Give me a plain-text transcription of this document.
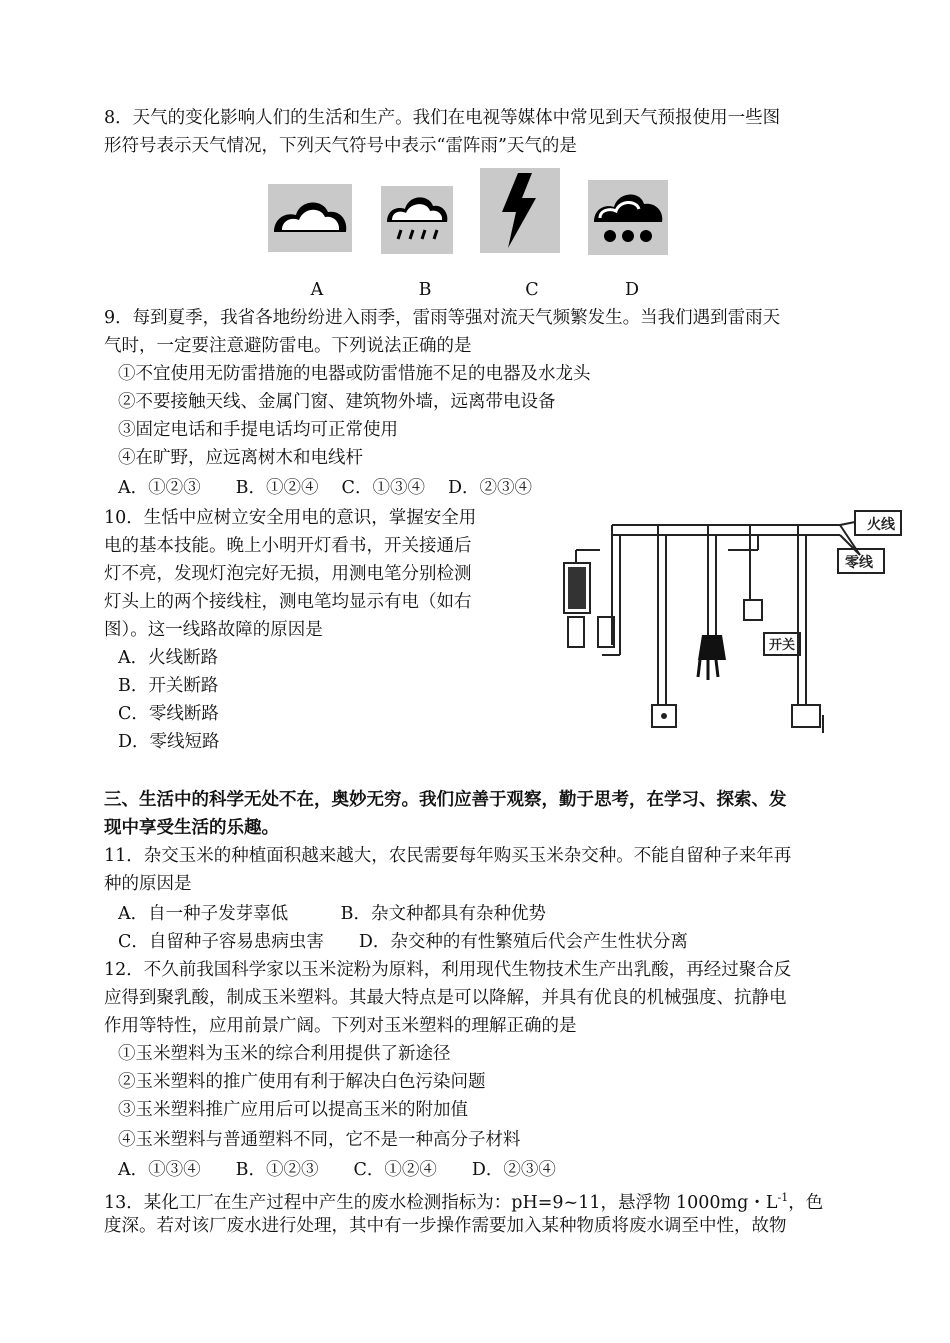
8．天气的变化影响人们的生活和生产。我们在电视等媒体中常见到天气预报使用一些图
形符号表示天气情况，下列天气符号中表示“雷阵雨”天气的是
A	B	C	D
9．每到夏季，我省各地纷纷进入雨季，雷雨等强对流天气频繁发生。当我们遇到雷雨天
气时，一定要注意避防雷电。下列说法正确的是
①不宜使用无防雷措施的电器或防雷惜施不足的电器及水龙头
②不要接触天线、金属门窗、建筑物外墙，远离带电设备
③固定电话和手提电话均可正常使用
④在旷野，应远离树木和电线杆
A．①②③　　B．①②④　 C．①③④　 D．②③④
10．生恬中应树立安全用电的意识，掌握安全用
电的基本技能。晚上小明开灯看书，开关接通后
灯不亮，发现灯泡完好无损，用测电笔分别检测
灯头上的两个接线柱，测电笔均显示有电（如右
图）。这一线路故障的原因是
A．火线断路
B．开关断路
C．零线断路
D．零线短路
火线
零线
开关
三、生活中的科学无处不在，奥妙无穷。我们应善于观察，勤于思考，在学习、探索、发
现中享受生活的乐趣。
11．杂交玉米的种植面积越来越大，农民需要每年购买玉米杂交种。不能自留种子来年再
种的原因是
A．自一种子发芽辜低　　　B．杂文种都具有杂种优势
C．自留种子容易患病虫害　　D．杂交种的有性繁殖后代会产生性状分离
12．不久前我国科学家以玉米淀粉为原料，利用现代生物技术生产出乳酸，再经过聚合反
应得到聚乳酸，制成玉米塑料。其最大特点是可以降解，并具有优良的机械强度、抗静电
作用等特性，应用前景广阔。下列对玉米塑料的理解正确的是
①玉米塑料为玉米的综合利用提供了新途径
②玉米塑料的推广使用有利于解决白色污染问题
③玉米塑料推广应用后可以提高玉米的附加值
④玉米塑料与普通塑料不同，它不是一种高分子材料
A．①③④　　B．①②③　　C．①②④　　D．②③④
13．某化工厂在生产过程中产生的废水检测指标为：pH=9~11，悬浮物 1000mg・$L^{-1}$，色
度深。若对该厂废水进行处理，其中有一步操作需要加入某种物质将废水调至中性，故物
